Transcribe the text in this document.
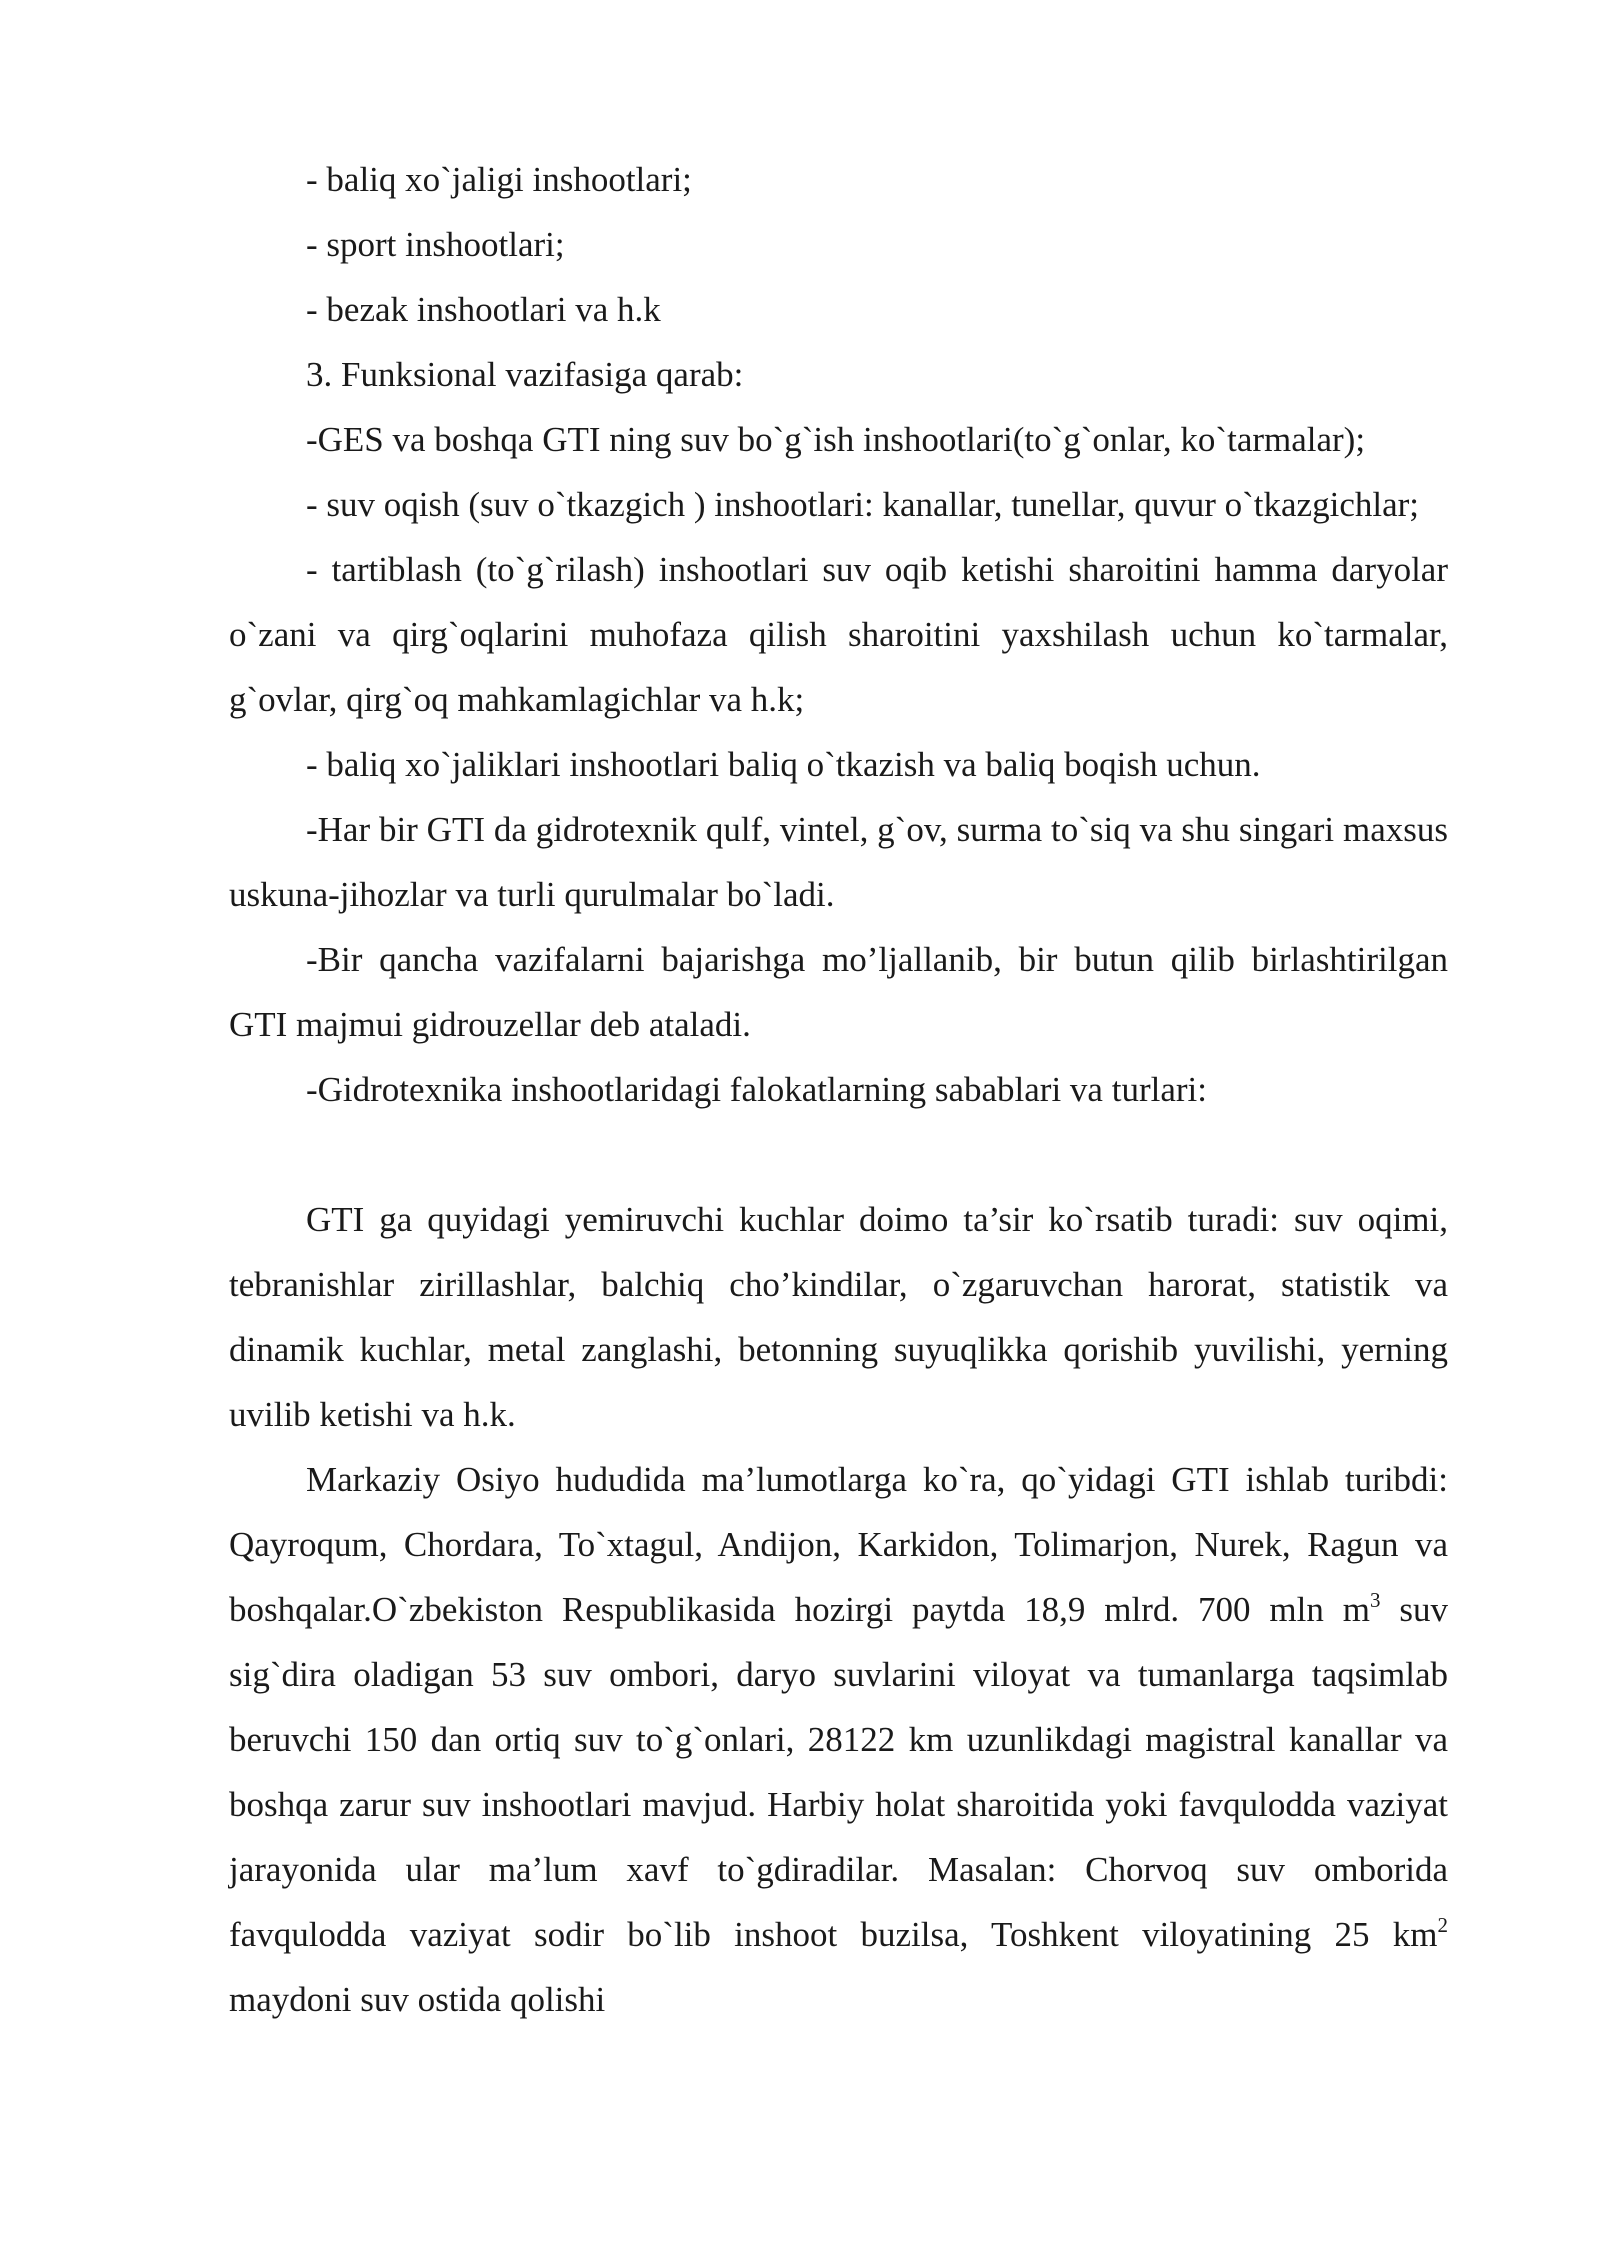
- baliq xo`jaligi inshootlari;

- sport inshootlari;

- bezak inshootlari va h.k

3. Funksional vazifasiga qarab:

-GES va boshqa GTI ning suv bo`g`ish inshootlari(to`g`onlar, ko`tarmalar);

- suv oqish (suv o`tkazgich ) inshootlari: kanallar, tunellar, quvur o`tkazgichlar;

- tartiblash (to`g`rilash) inshootlari suv oqib ketishi sharoitini hamma daryolar o`zani va qirg`oqlarini muhofaza qilish sharoitini yaxshilash uchun ko`tarmalar, g`ovlar, qirg`oq mahkamlagichlar va h.k;

- baliq xo`jaliklari inshootlari baliq o`tkazish va baliq boqish uchun.

-Har bir GTI da gidrotexnik qulf, vintel, g`ov, surma to`siq va shu singari maxsus uskuna-jihozlar va turli qurulmalar bo`ladi.

-Bir qancha vazifalarni bajarishga mo’ljallanib, bir butun qilib birlashtirilgan GTI majmui gidrouzellar deb ataladi.

-Gidrotexnika inshootlaridagi falokatlarning sabablari va turlari:

GTI ga quyidagi yemiruvchi kuchlar doimo ta’sir ko`rsatib turadi: suv oqimi, tebranishlar zirillashlar, balchiq cho’kindilar, o`zgaruvchan harorat, statistik va dinamik kuchlar, metal zanglashi, betonning suyuqlikka qorishib yuvilishi, yerning uvilib ketishi va h.k.

Markaziy Osiyo hududida ma’lumotlarga ko`ra, qo`yidagi GTI ishlab turibdi: Qayroqum, Chordara, To`xtagul, Andijon, Karkidon, Tolimarjon, Nurek, Ragun va boshqalar.O`zbekiston Respublikasida hozirgi paytda 18,9 mlrd. 700 mln $m^3$ suv sig`dira oladigan 53 suv ombori, daryo suvlarini viloyat va tumanlarga taqsimlab beruvchi 150 dan ortiq suv to`g`onlari, 28122 km uzunlikdagi magistral kanallar va boshqa zarur suv inshootlari mavjud. Harbiy holat sharoitida yoki favqulodda vaziyat jarayonida ular ma’lum xavf to`gdiradilar. Masalan: Chorvoq suv omborida favqulodda vaziyat sodir bo`lib inshoot buzilsa, Toshkent viloyatining 25 $km^2$ maydoni suv ostida qolishi
